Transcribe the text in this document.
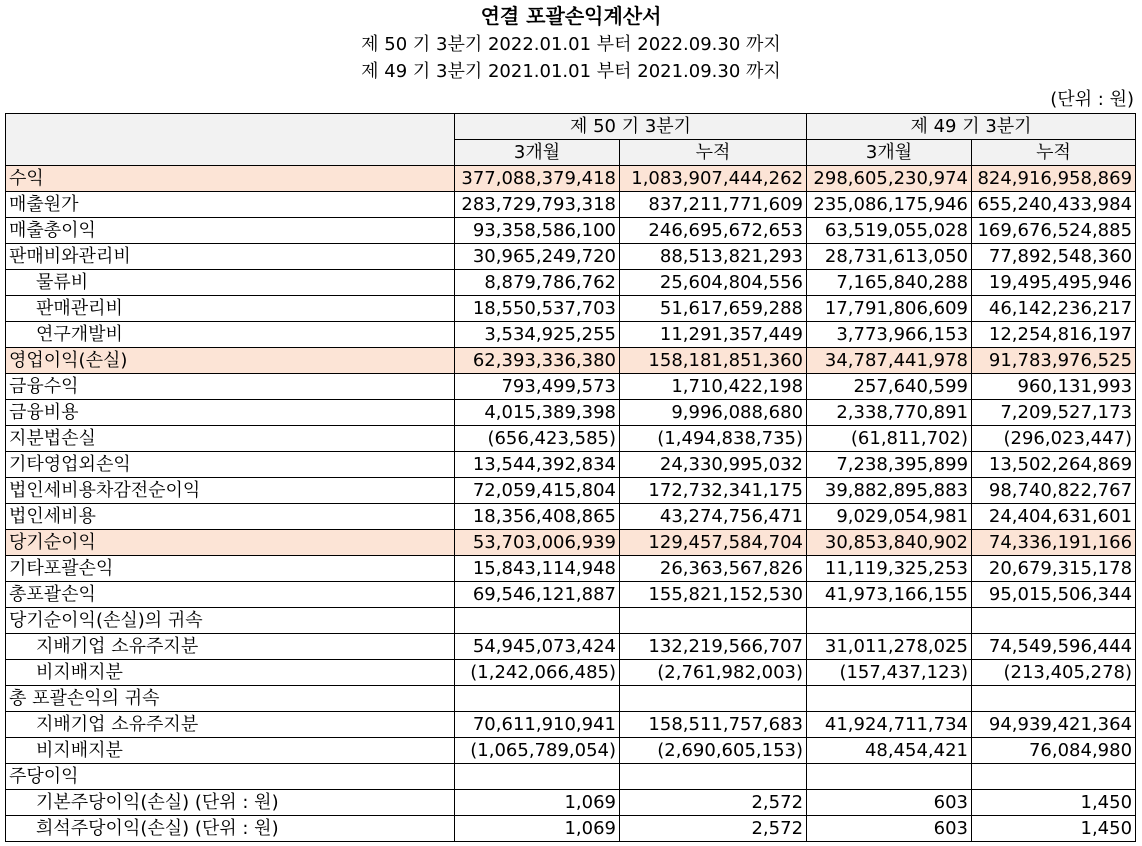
연결 포괄손익계산서
제 50 기 3분기 2022.01.01 부터 2022.09.30 까지
제 49 기 3분기 2021.01.01 부터 2021.09.30 까지
(단위 : 원)
	제 50 기 3분기		제 49 기 3분기	
	3개월	누적	3개월	누적
수익	377,088,379,418	1,083,907,444,262	298,605,230,974	824,916,958,869
매출원가	283,729,793,318	837,211,771,609	235,086,175,946	655,240,433,984
매출총이익	93,358,586,100	246,695,672,653	63,519,055,028	169,676,524,885
판매비와관리비	30,965,249,720	88,513,821,293	28,731,613,050	77,892,548,360
물류비	8,879,786,762	25,604,804,556	7,165,840,288	19,495,495,946
판매관리비	18,550,537,703	51,617,659,288	17,791,806,609	46,142,236,217
연구개발비	3,534,925,255	11,291,357,449	3,773,966,153	12,254,816,197
영업이익(손실)	62,393,336,380	158,181,851,360	34,787,441,978	91,783,976,525
금융수익	793,499,573	1,710,422,198	257,640,599	960,131,993
금융비용	4,015,389,398	9,996,088,680	2,338,770,891	7,209,527,173
지분법손실	(656,423,585)	(1,494,838,735)	(61,811,702)	(296,023,447)
기타영업외손익	13,544,392,834	24,330,995,032	7,238,395,899	13,502,264,869
법인세비용차감전순이익	72,059,415,804	172,732,341,175	39,882,895,883	98,740,822,767
법인세비용	18,356,408,865	43,274,756,471	9,029,054,981	24,404,631,601
당기순이익	53,703,006,939	129,457,584,704	30,853,840,902	74,336,191,166
기타포괄손익	15,843,114,948	26,363,567,826	11,119,325,253	20,679,315,178
총포괄손익	69,546,121,887	155,821,152,530	41,973,166,155	95,015,506,344
당기순이익(손실)의 귀속				
지배기업 소유주지분	54,945,073,424	132,219,566,707	31,011,278,025	74,549,596,444
비지배지분	(1,242,066,485)	(2,761,982,003)	(157,437,123)	(213,405,278)
총 포괄손익의 귀속				
지배기업 소유주지분	70,611,910,941	158,511,757,683	41,924,711,734	94,939,421,364
비지배지분	(1,065,789,054)	(2,690,605,153)	48,454,421	76,084,980
주당이익				
기본주당이익(손실) (단위 : 원)	1,069	2,572	603	1,450
희석주당이익(손실) (단위 : 원)	1,069	2,572	603	1,450
